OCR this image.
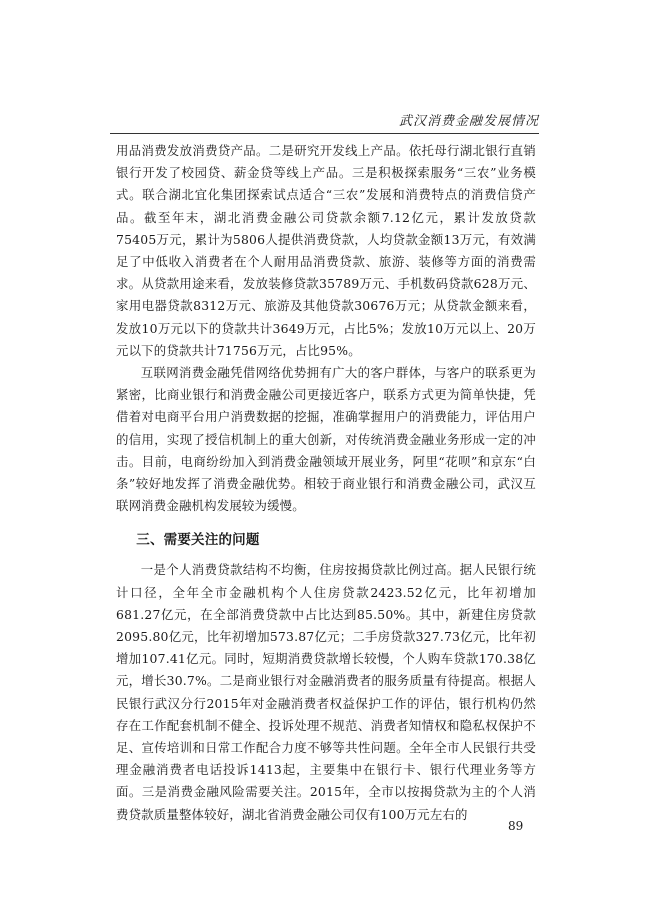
武汉消费金融发展情况

用品消费发放消费贷产品。二是研究开发线上产品。依托母行湖北银行直销银行开发了校园贷、薪金贷等线上产品。三是积极探索服务“三农”业务模式。联合湖北宜化集团探索试点适合“三农”发展和消费特点的消费信贷产品。截至年末，湖北消费金融公司贷款余额7.12亿元，累计发放贷款75405万元，累计为5806人提供消费贷款，人均贷款金额13万元，有效满足了中低收入消费者在个人耐用品消费贷款、旅游、装修等方面的消费需求。从贷款用途来看，发放装修贷款35789万元、手机数码贷款628万元、家用电器贷款8312万元、旅游及其他贷款30676万元；从贷款金额来看，发放10万元以下的贷款共计3649万元，占比5%；发放10万元以上、20万元以下的贷款共计71756万元，占比95%。

互联网消费金融凭借网络优势拥有广大的客户群体，与客户的联系更为紧密，比商业银行和消费金融公司更接近客户，联系方式更为简单快捷，凭借着对电商平台用户消费数据的挖掘，准确掌握用户的消费能力，评估用户的信用，实现了授信机制上的重大创新，对传统消费金融业务形成一定的冲击。目前，电商纷纷加入到消费金融领域开展业务，阿里“花呗”和京东“白条”较好地发挥了消费金融优势。相较于商业银行和消费金融公司，武汉互联网消费金融机构发展较为缓慢。

三、需要关注的问题

一是个人消费贷款结构不均衡，住房按揭贷款比例过高。据人民银行统计口径，全年全市金融机构个人住房贷款2423.52亿元，比年初增加681.27亿元，在全部消费贷款中占比达到85.50%。其中，新建住房贷款2095.80亿元，比年初增加573.87亿元；二手房贷款327.73亿元，比年初增加107.41亿元。同时，短期消费贷款增长较慢，个人购车贷款170.38亿元，增长30.7%。二是商业银行对金融消费者的服务质量有待提高。根据人民银行武汉分行2015年对金融消费者权益保护工作的评估，银行机构仍然存在工作配套机制不健全、投诉处理不规范、消费者知情权和隐私权保护不足、宣传培训和日常工作配合力度不够等共性问题。全年全市人民银行共受理金融消费者电话投诉1413起，主要集中在银行卡、银行代理业务等方面。三是消费金融风险需要关注。2015年，全市以按揭贷款为主的个人消费贷款质量整体较好，湖北省消费金融公司仅有100万元左右的

89
